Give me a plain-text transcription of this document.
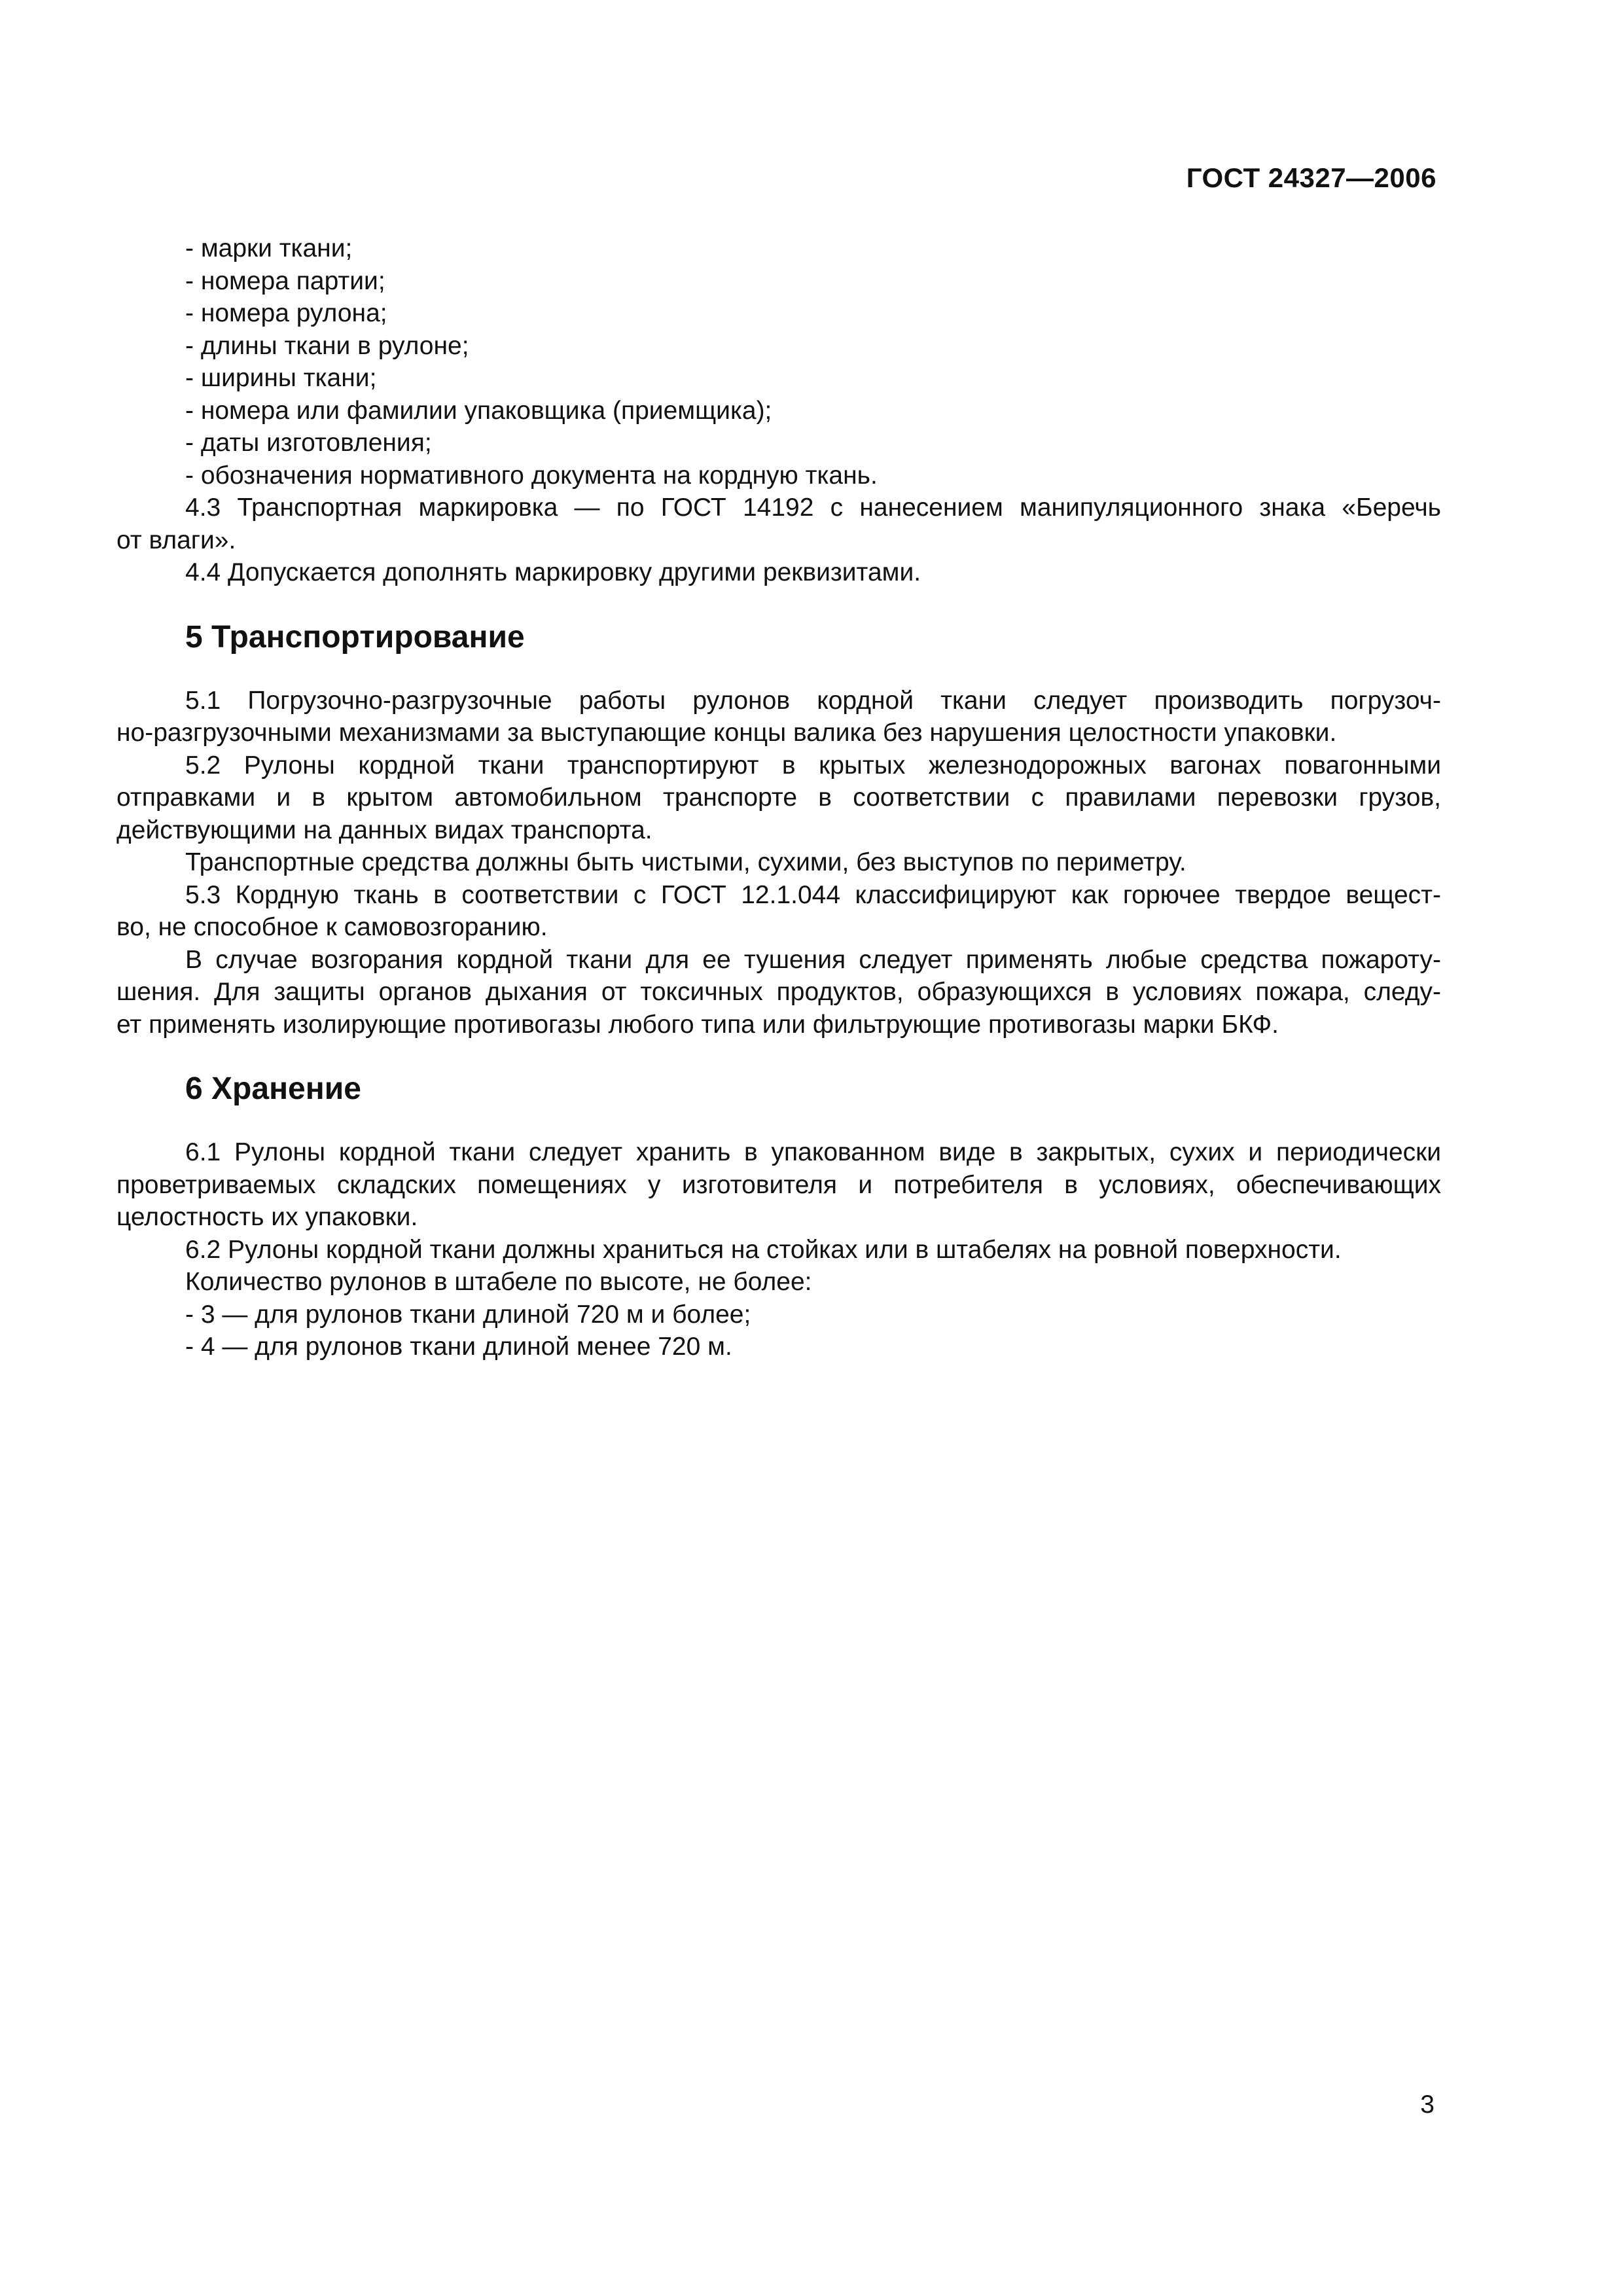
ГОСТ 24327—2006
- марки ткани;
- номера партии;
- номера рулона;
- длины ткани в рулоне;
- ширины ткани;
- номера или фамилии упаковщика (приемщика);
- даты изготовления;
- обозначения нормативного документа на кордную ткань.
4.3 Транспортная маркировка — по ГОСТ 14192 с нанесением манипуляционного знака «Беречь
от влаги».
4.4 Допускается дополнять маркировку другими реквизитами.
5 Транспортирование
5.1 Погрузочно-разгрузочные работы рулонов кордной ткани следует производить погрузоч-
но-разгрузочными механизмами за выступающие концы валика без нарушения целостности упаковки.
5.2 Рулоны кордной ткани транспортируют в крытых железнодорожных вагонах повагонными
отправками и в крытом автомобильном транспорте в соответствии с правилами перевозки грузов,
действующими на данных видах транспорта.
Транспортные средства должны быть чистыми, сухими, без выступов по периметру.
5.3 Кордную ткань в соответствии с ГОСТ 12.1.044 классифицируют как горючее твердое вещест-
во, не способное к самовозгоранию.
В случае возгорания кордной ткани для ее тушения следует применять любые средства пожароту-
шения. Для защиты органов дыхания от токсичных продуктов, образующихся в условиях пожара, следу-
ет применять изолирующие противогазы любого типа или фильтрующие противогазы марки БКФ.
6 Хранение
6.1 Рулоны кордной ткани следует хранить в упакованном виде в закрытых, сухих и периодически
проветриваемых складских помещениях у изготовителя и потребителя в условиях, обеспечивающих
целостность их упаковки.
6.2 Рулоны кордной ткани должны храниться на стойках или в штабелях на ровной поверхности.
Количество рулонов в штабеле по высоте, не более:
- 3 — для рулонов ткани длиной 720 м и более;
- 4 — для рулонов ткани длиной менее 720 м.
3
